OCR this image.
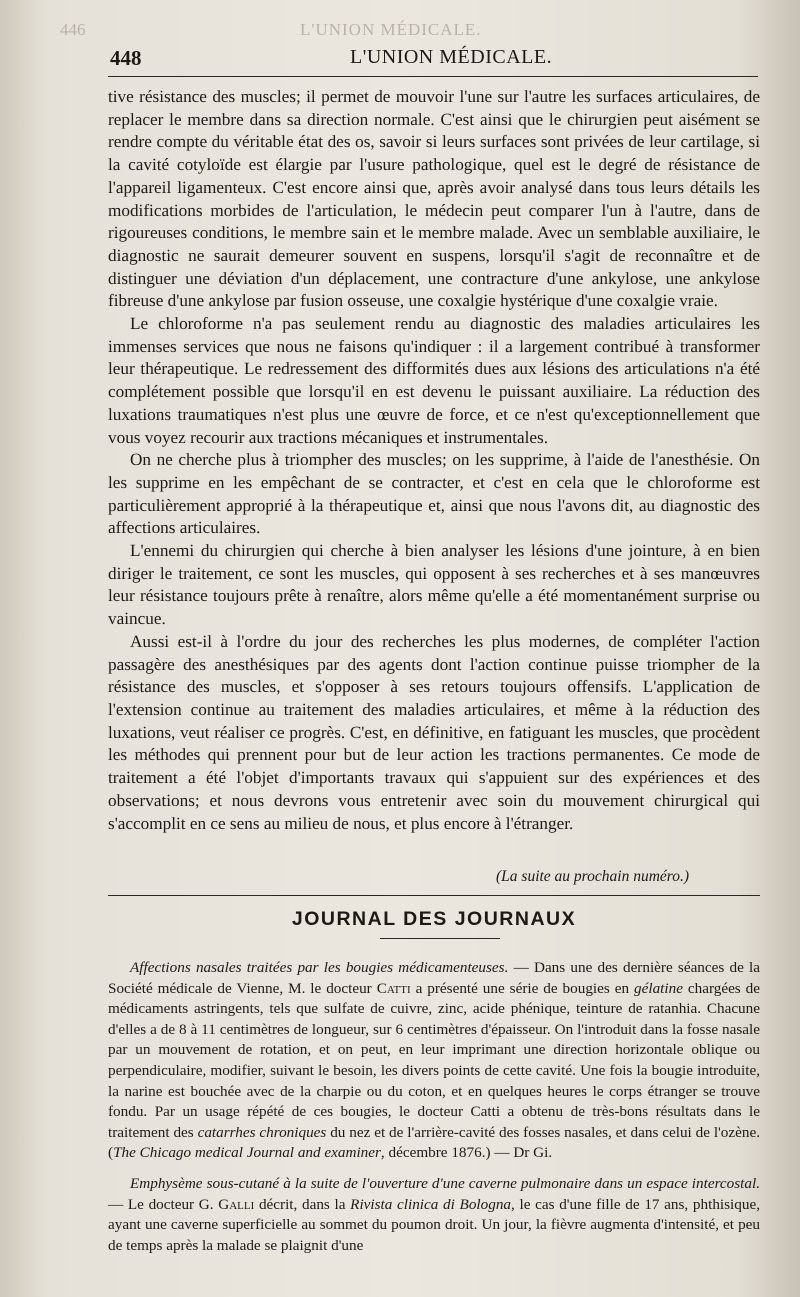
446	L'UNION MÉDICALE.
448	L'UNION MÉDICALE.

tive résistance des muscles; il permet de mouvoir l'une sur l'autre les surfaces articulaires, de replacer le membre dans sa direction normale. C'est ainsi que le chirurgien peut aisément se rendre compte du véritable état des os, savoir si leurs surfaces sont privées de leur cartilage, si la cavité cotyloïde est élargie par l'usure pathologique, quel est le degré de résistance de l'appareil ligamenteux. C'est encore ainsi que, après avoir analysé dans tous leurs détails les modifications morbides de l'articulation, le médecin peut comparer l'un à l'autre, dans de rigoureuses conditions, le membre sain et le membre malade. Avec un semblable auxiliaire, le diagnostic ne saurait demeurer souvent en suspens, lorsqu'il s'agit de reconnaître et de distinguer une déviation d'un déplacement, une contracture d'une ankylose, une ankylose fibreuse d'une ankylose par fusion osseuse, une coxalgie hystérique d'une coxalgie vraie.

Le chloroforme n'a pas seulement rendu au diagnostic des maladies articulaires les immenses services que nous ne faisons qu'indiquer : il a largement contribué à transformer leur thérapeutique. Le redressement des difformités dues aux lésions des articulations n'a été complétement possible que lorsqu'il en est devenu le puissant auxiliaire. La réduction des luxations traumatiques n'est plus une œuvre de force, et ce n'est qu'exceptionnellement que vous voyez recourir aux tractions mécaniques et instrumentales.

On ne cherche plus à triompher des muscles; on les supprime, à l'aide de l'anesthésie. On les supprime en les empêchant de se contracter, et c'est en cela que le chloroforme est particulièrement approprié à la thérapeutique et, ainsi que nous l'avons dit, au diagnostic des affections articulaires.

L'ennemi du chirurgien qui cherche à bien analyser les lésions d'une jointure, à en bien diriger le traitement, ce sont les muscles, qui opposent à ses recherches et à ses manœuvres leur résistance toujours prête à renaître, alors même qu'elle a été momentanément surprise ou vaincue.

Aussi est-il à l'ordre du jour des recherches les plus modernes, de compléter l'action passagère des anesthésiques par des agents dont l'action continue puisse triompher de la résistance des muscles, et s'opposer à ses retours toujours offensifs. L'application de l'extension continue au traitement des maladies articulaires, et même à la réduction des luxations, veut réaliser ce progrès. C'est, en définitive, en fatiguant les muscles, que procèdent les méthodes qui prennent pour but de leur action les tractions permanentes. Ce mode de traitement a été l'objet d'importants travaux qui s'appuient sur des expériences et des observations; et nous devrons vous entretenir avec soin du mouvement chirurgical qui s'accomplit en ce sens au milieu de nous, et plus encore à l'étranger.

(La suite au prochain numéro.)
JOURNAL DES JOURNAUX

Affections nasales traitées par les bougies médicamenteuses. — Dans une des dernière séances de la Société médicale de Vienne, M. le docteur Catti a présenté une série de bougies en gélatine chargées de médicaments astringents, tels que sulfate de cuivre, zinc, acide phénique, teinture de ratanhia. Chacune d'elles a de 8 à 11 centimètres de longueur, sur 6 centimètres d'épaisseur. On l'introduit dans la fosse nasale par un mouvement de rotation, et on peut, en leur imprimant une direction horizontale oblique ou perpendiculaire, modifier, suivant le besoin, les divers points de cette cavité. Une fois la bougie introduite, la narine est bouchée avec de la charpie ou du coton, et en quelques heures le corps étranger se trouve fondu. Par un usage répété de ces bougies, le docteur Catti a obtenu de très-bons résultats dans le traitement des catarrhes chroniques du nez et de l'arrière-cavité des fosses nasales, et dans celui de l'ozène. (The Chicago medical Journal and examiner, décembre 1876.) — Dr Gi.

Emphysème sous-cutané à la suite de l'ouverture d'une caverne pulmonaire dans un espace intercostal. — Le docteur G. Galli décrit, dans la Rivista clinica di Bologna, le cas d'une fille de 17 ans, phthisique, ayant une caverne superficielle au sommet du poumon droit. Un jour, la fièvre augmenta d'intensité, et peu de temps après la malade se plaignit d'une
